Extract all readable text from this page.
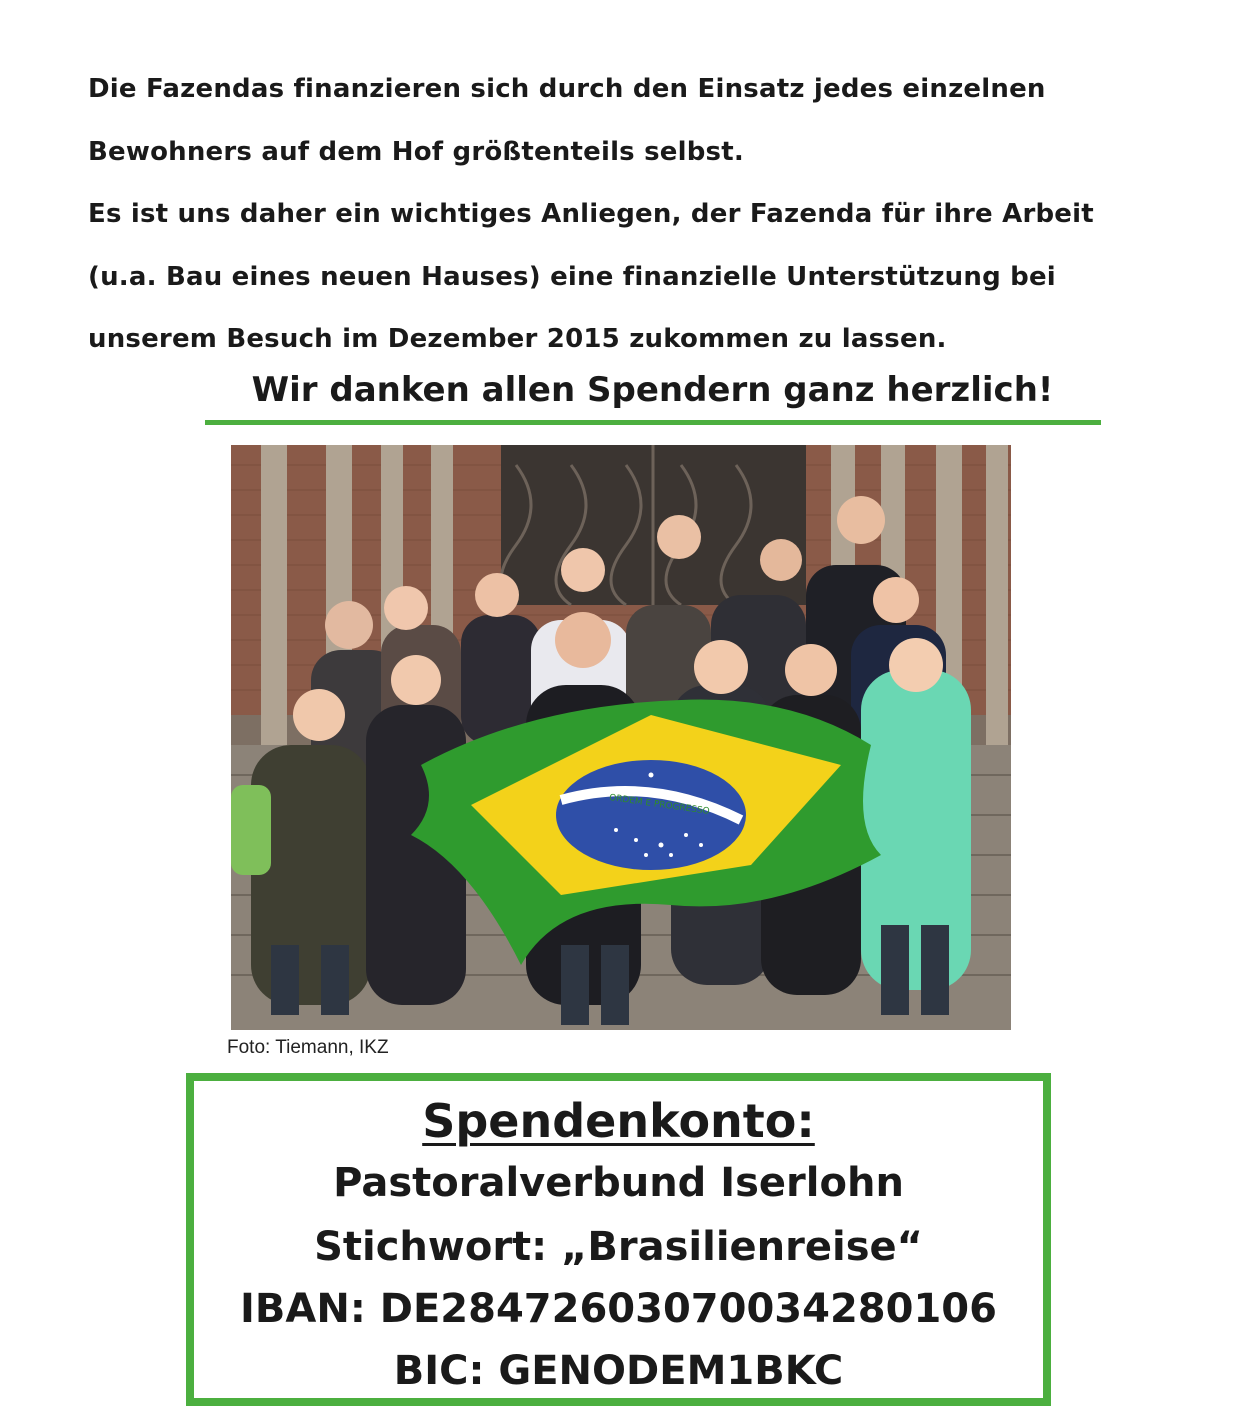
Die Fazendas finanzieren sich durch den Einsatz jedes einzelnen

Bewohners auf dem Hof größtenteils selbst.

Es ist uns daher ein wichtiges Anliegen, der Fazenda für ihre Arbeit

(u.a. Bau eines neuen Hauses) eine finanzielle Unterstützung bei

unserem Besuch im Dezember 2015 zukommen zu lassen.

Wir danken allen Spendern ganz herzlich!
ORDEM E PROGRESSO
Foto: Tiemann, IKZ
Spendenkonto:
Pastoralverbund Iserlohn
Stichwort: „Brasilienreise“
IBAN: DE28472603070034280106
BIC: GENODEM1BKC
